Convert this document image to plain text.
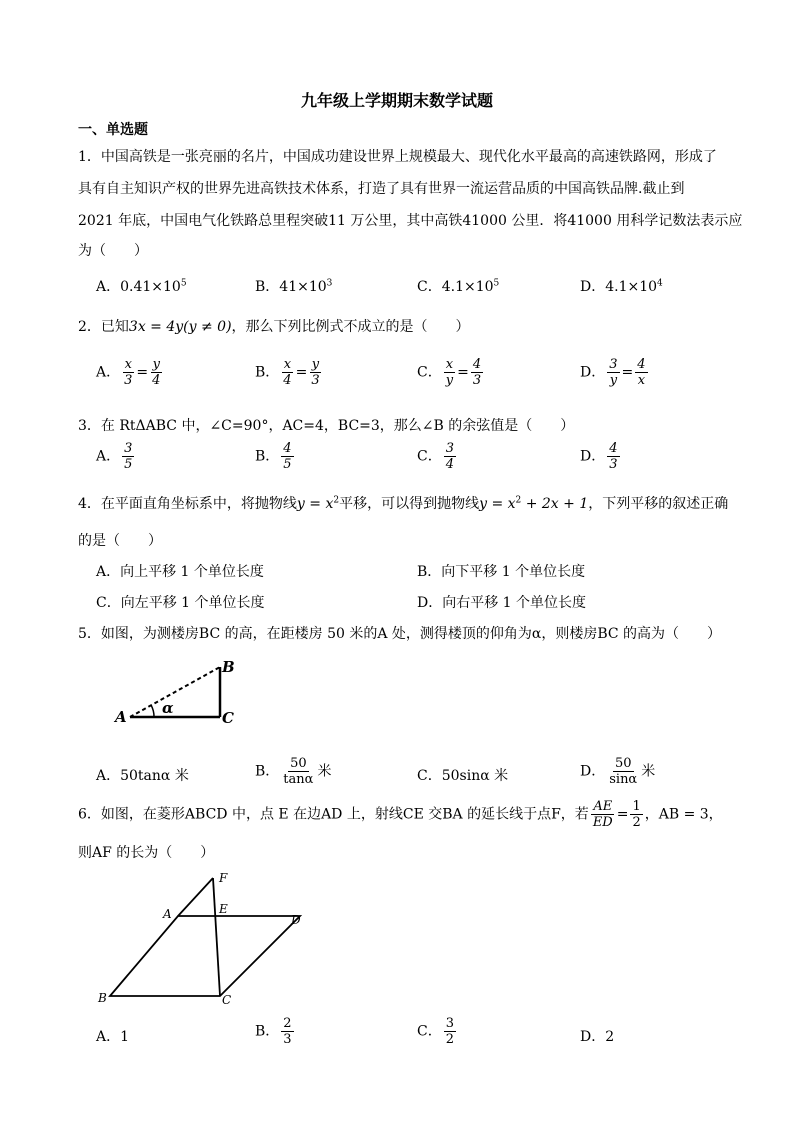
九年级上学期期末数学试题
一、单选题
1．中国高铁是一张亮丽的名片，中国成功建设世界上规模最大、现代化水平最高的高速铁路网，形成了
具有自主知识产权的世界先进高铁技术体系，打造了具有世界一流运营品质的中国高铁品牌.截止到
2021 年底，中国电气化铁路总里程突破11 万公里，其中高铁41000 公里．将41000 用科学记数法表示应
为（　　）
A．$0.41\times 10^5$	B．$41\times 10^3$	C．$4.1\times 10^5$	D．$4.1\times 10^4$
2．已知3x = 4y(y ≠ 0)，那么下列比例式不成立的是（　　）
A． $\frac{x}{3} = \frac{y}{4}$	B． $\frac{x}{4} = \frac{y}{3}$	C． $\frac{x}{y} = \frac{4}{3}$	D． $\frac{3}{y} = \frac{4}{x}$
3．在 RtΔABC 中，∠C=90°，AC=4，BC=3，那么∠B 的余弦值是（　　）
A． $\frac{3}{5}$	B． $\frac{4}{5}$	C． $\frac{3}{4}$	D． $\frac{4}{3}$
4．在平面直角坐标系中，将抛物线$y = x^2$平移，可以得到抛物线$y = x^2 + 2x + 1$，下列平移的叙述正确
的是（　　）
A．向上平移 1 个单位长度	B．向下平移 1 个单位长度
C．向左平移 1 个单位长度	D．向右平移 1 个单位长度
5．如图，为测楼房BC 的高，在距楼房 50 米的A 处，测得楼顶的仰角为α，则楼房BC 的高为（　　）
A
B
C
α
A．50tanα 米	B． $\frac{50}{\tan\alpha}$ 米	C．50sinα 米	D． $\frac{50}{\sin\alpha}$ 米
6．如图，在菱形ABCD 中，点 E 在边AD 上，射线CE 交BA 的延长线于点F，若 $\frac{AE}{ED} = \frac{1}{2}$ ，AB = 3，
则AF 的长为（　　）
F
A	E
D
B	C
A．1	B． $\frac{2}{3}$	C． $\frac{3}{2}$	D．2
